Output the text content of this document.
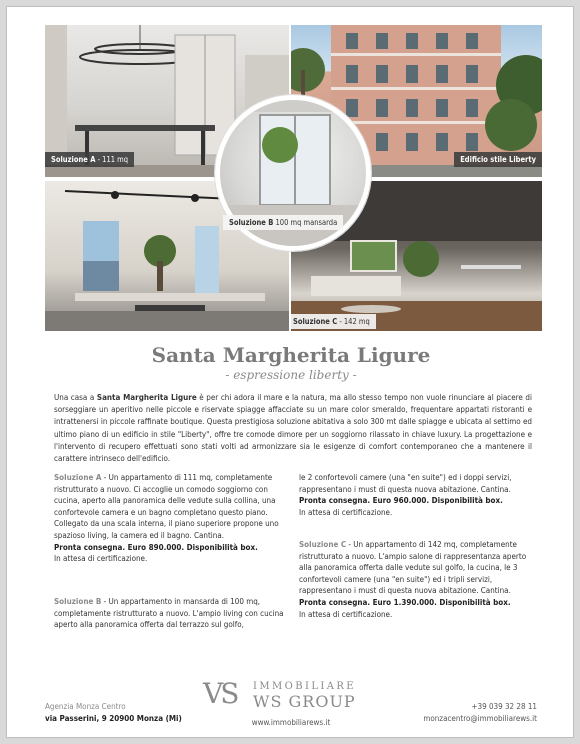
Soluzione A - 111 mq	Edificio stile Liberty
Soluzione C - 142 mq
Soluzione B 100 mq mansarda
Santa Margherita Ligure
- espressione liberty -
Una casa a Santa Margherita Ligure è per chi adora il mare e la natura, ma allo stesso tempo non vuole rinunciare al piacere di sorseggiare un aperitivo nelle piccole e riservate spiagge affacciate su un mare color smeraldo, frequentare appartati ristoranti e intrattenersi in piccole raffinate boutique. Questa prestigiosa soluzione abitativa a solo 300 mt dalle spiagge e ubicata al settimo ed ultimo piano di un edificio in stile "Liberty", offre tre comode dimore per un soggiorno rilassato in chiave luxury. La progettazione e l'intervento di recupero effettuati sono stati volti ad armonizzare sia le esigenze di comfort contemporaneo che a mantenere il carattere intrinseco dell'edificio.

Soluzione A - Un appartamento di 111 mq, completamente ristrutturato a nuovo. Ci accoglie un comodo soggiorno con cucina, aperto alla panoramica delle vedute sulla collina, una confortevole camera e un bagno completano questo piano.

Collegato da una scala interna, il piano superiore propone uno spazioso living, la camera ed il bagno. Cantina.

Pronta consegna. Euro 890.000. Disponibilità box.

In attesa di certificazione.

Soluzione B - Un appartamento in mansarda di 100 mq, completamente ristrutturato a nuovo. L'ampio living con cucina aperto alla panoramica offerta dal terrazzo sul golfo,

le 2 confortevoli camere (una "en suite") ed i doppi servizi, rappresentano i must di questa nuova abitazione. Cantina.

Pronta consegna. Euro 960.000. Disponibilità box.

In attesa di certificazione.

Soluzione C - Un appartamento di 142 mq, completamente ristrutturato a nuovo. L'ampio salone di rappresentanza aperto alla panoramica offerta dalle vedute sul golfo, la cucina, le 3 confortevoli camere (una "en suite") ed i tripli servizi, rappresentano i must di questa nuova abitazione. Cantina.

Pronta consegna. Euro 1.390.000. Disponibilità box.

In attesa di certificazione.

VS IMMOBILIARE
WS GROUP
Agenzia Monza Centro
via Passerini, 9 20900 Monza (Mi)	www.immobiliarews.it
+39 039 32 28 11
monzacentro@immobiliarews.it
